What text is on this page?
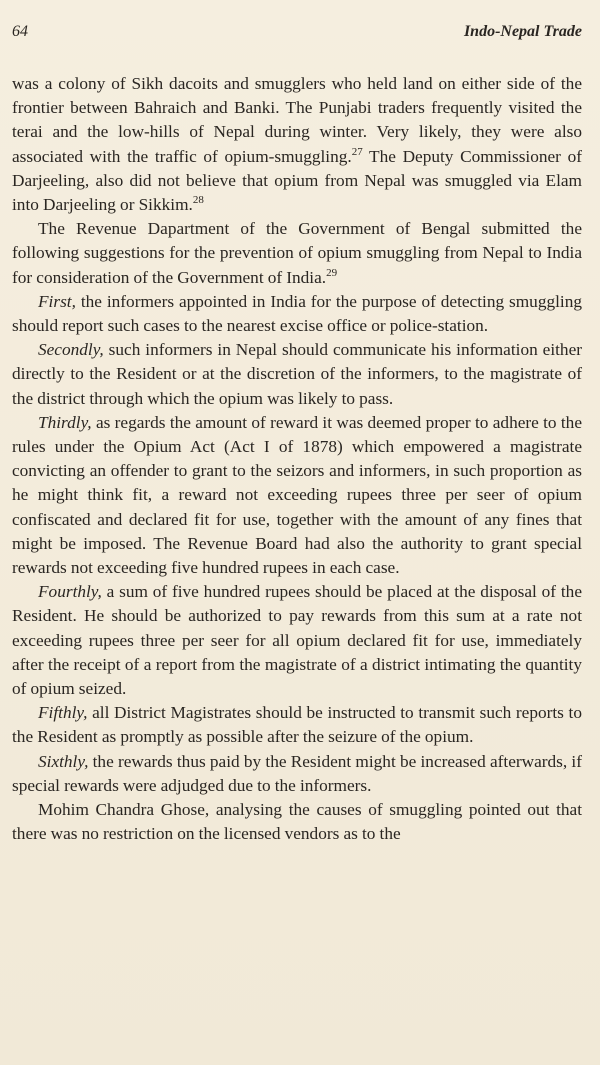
64	Indo-Nepal Trade

was a colony of Sikh dacoits and smugglers who held land on either side of the frontier between Bahraich and Banki. The Punjabi traders frequently visited the terai and the low-hills of Nepal during winter. Very likely, they were also associated with the traffic of opium-smuggling.$^{27}$ The Deputy Commissioner of Darjeeling, also did not believe that opium from Nepal was smuggled via Elam into Darjeeling or Sikkim.$^{28}$

The Revenue Dapartment of the Government of Bengal submitted the following suggestions for the prevention of opium smuggling from Nepal to India for consideration of the Government of India.$^{29}$

First, the informers appointed in India for the purpose of detecting smuggling should report such cases to the nearest excise office or police-station.

Secondly, such informers in Nepal should communicate his information either directly to the Resident or at the discretion of the informers, to the magistrate of the district through which the opium was likely to pass.

Thirdly, as regards the amount of reward it was deemed proper to adhere to the rules under the Opium Act (Act I of 1878) which empowered a magistrate convicting an offender to grant to the seizors and informers, in such proportion as he might think fit, a reward not exceeding rupees three per seer of opium confiscated and declared fit for use, together with the amount of any fines that might be imposed. The Revenue Board had also the authority to grant special rewards not exceeding five hundred rupees in each case.

Fourthly, a sum of five hundred rupees should be placed at the disposal of the Resident. He should be authorized to pay rewards from this sum at a rate not exceeding rupees three per seer for all opium declared fit for use, immediately after the receipt of a report from the magistrate of a district intimating the quantity of opium seized.

Fifthly, all District Magistrates should be instructed to transmit such reports to the Resident as promptly as possible after the seizure of the opium.

Sixthly, the rewards thus paid by the Resident might be increased afterwards, if special rewards were adjudged due to the informers.

Mohim Chandra Ghose, analysing the causes of smuggling pointed out that there was no restriction on the licensed vendors as to the
